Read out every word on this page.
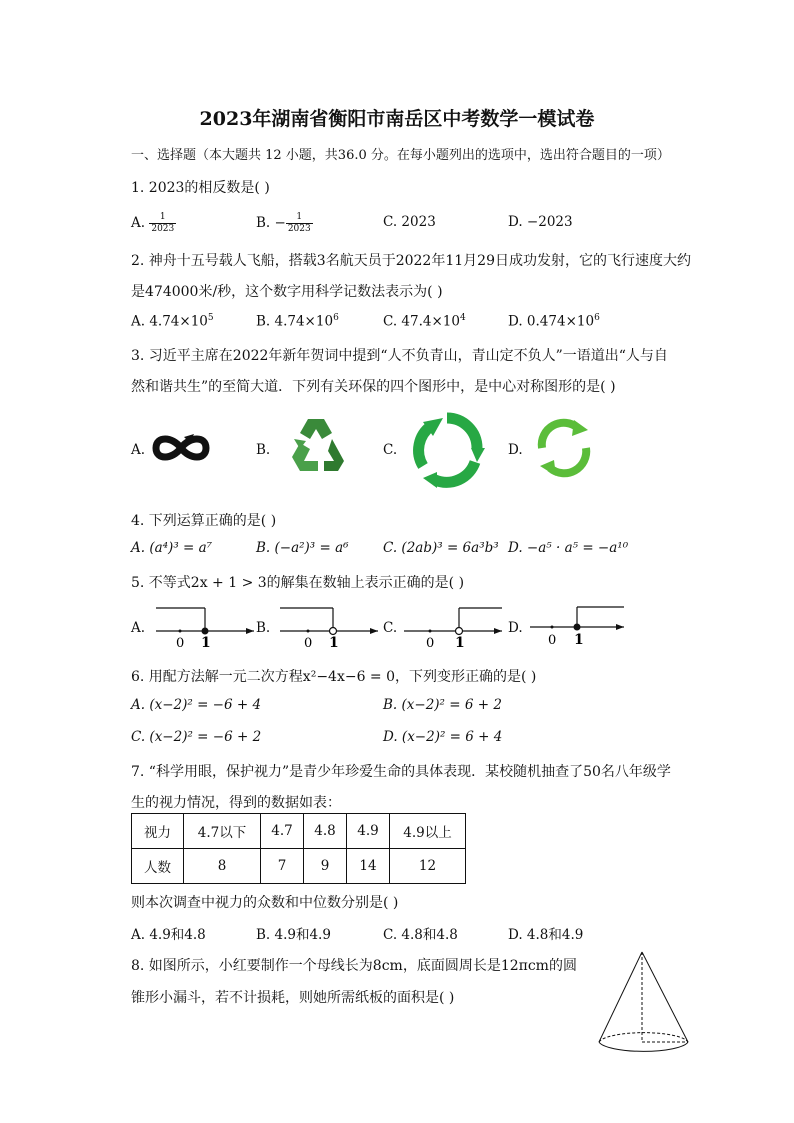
2023年湖南省衡阳市南岳区中考数学一模试卷
一、选择题（本大题共 12 小题，共36.0 分。在每小题列出的选项中，选出符合题目的一项）
1. 2023的相反数是( )
A. $\frac{1}{2023}$	B. − $\frac{1}{2023}$	C. 2023	D. −2023
2. 神舟十五号载人飞船，搭载3名航天员于2022年11月29日成功发射，它的飞行速度大约
是474000米/秒，这个数字用科学记数法表示为( )
A. $4.74\times 10^5$	B. $4.74\times 10^6$	C. $47.4\times 10^4$	D. $0.474\times 10^6$
3. 习近平主席在2022年新年贺词中提到“人不负青山，青山定不负人”一语道出“人与自
然和谐共生”的至简大道．下列有关环保的四个图形中，是中心对称图形的是( )
A.	B.	C.	D.
4. 下列运算正确的是( )
A. (a⁴)³ = a⁷	B. (−a²)³ = a⁶	C. (2ab)³ = 6a³b³ D. −a⁵ · a⁵ = −a¹⁰
5. 不等式2x + 1 > 3的解集在数轴上表示正确的是( )
A.	B.	C.	D.
0 1	0 1	0 1	0 1
6. 用配方法解一元二次方程x²−4x−6 = 0，下列变形正确的是( )
A. (x−2)² = −6 + 4	B. (x−2)² = 6 + 2
C. (x−2)² = −6 + 2	D. (x−2)² = 6 + 4
7. “科学用眼，保护视力”是青少年珍爱生命的具体表现．某校随机抽查了50名八年级学
生的视力情况，得到的数据如表：
视力	4.7以下	4.7	4.8	4.9	4.9以上
人数	8	7	9	14	12
则本次调查中视力的众数和中位数分别是( )
A. 4.9和4.8	B. 4.9和4.9	C. 4.8和4.8	D. 4.8和4.9
8. 如图所示，小红要制作一个母线长为8cm，底面圆周长是12πcm的圆
锥形小漏斗，若不计损耗，则她所需纸板的面积是( )
